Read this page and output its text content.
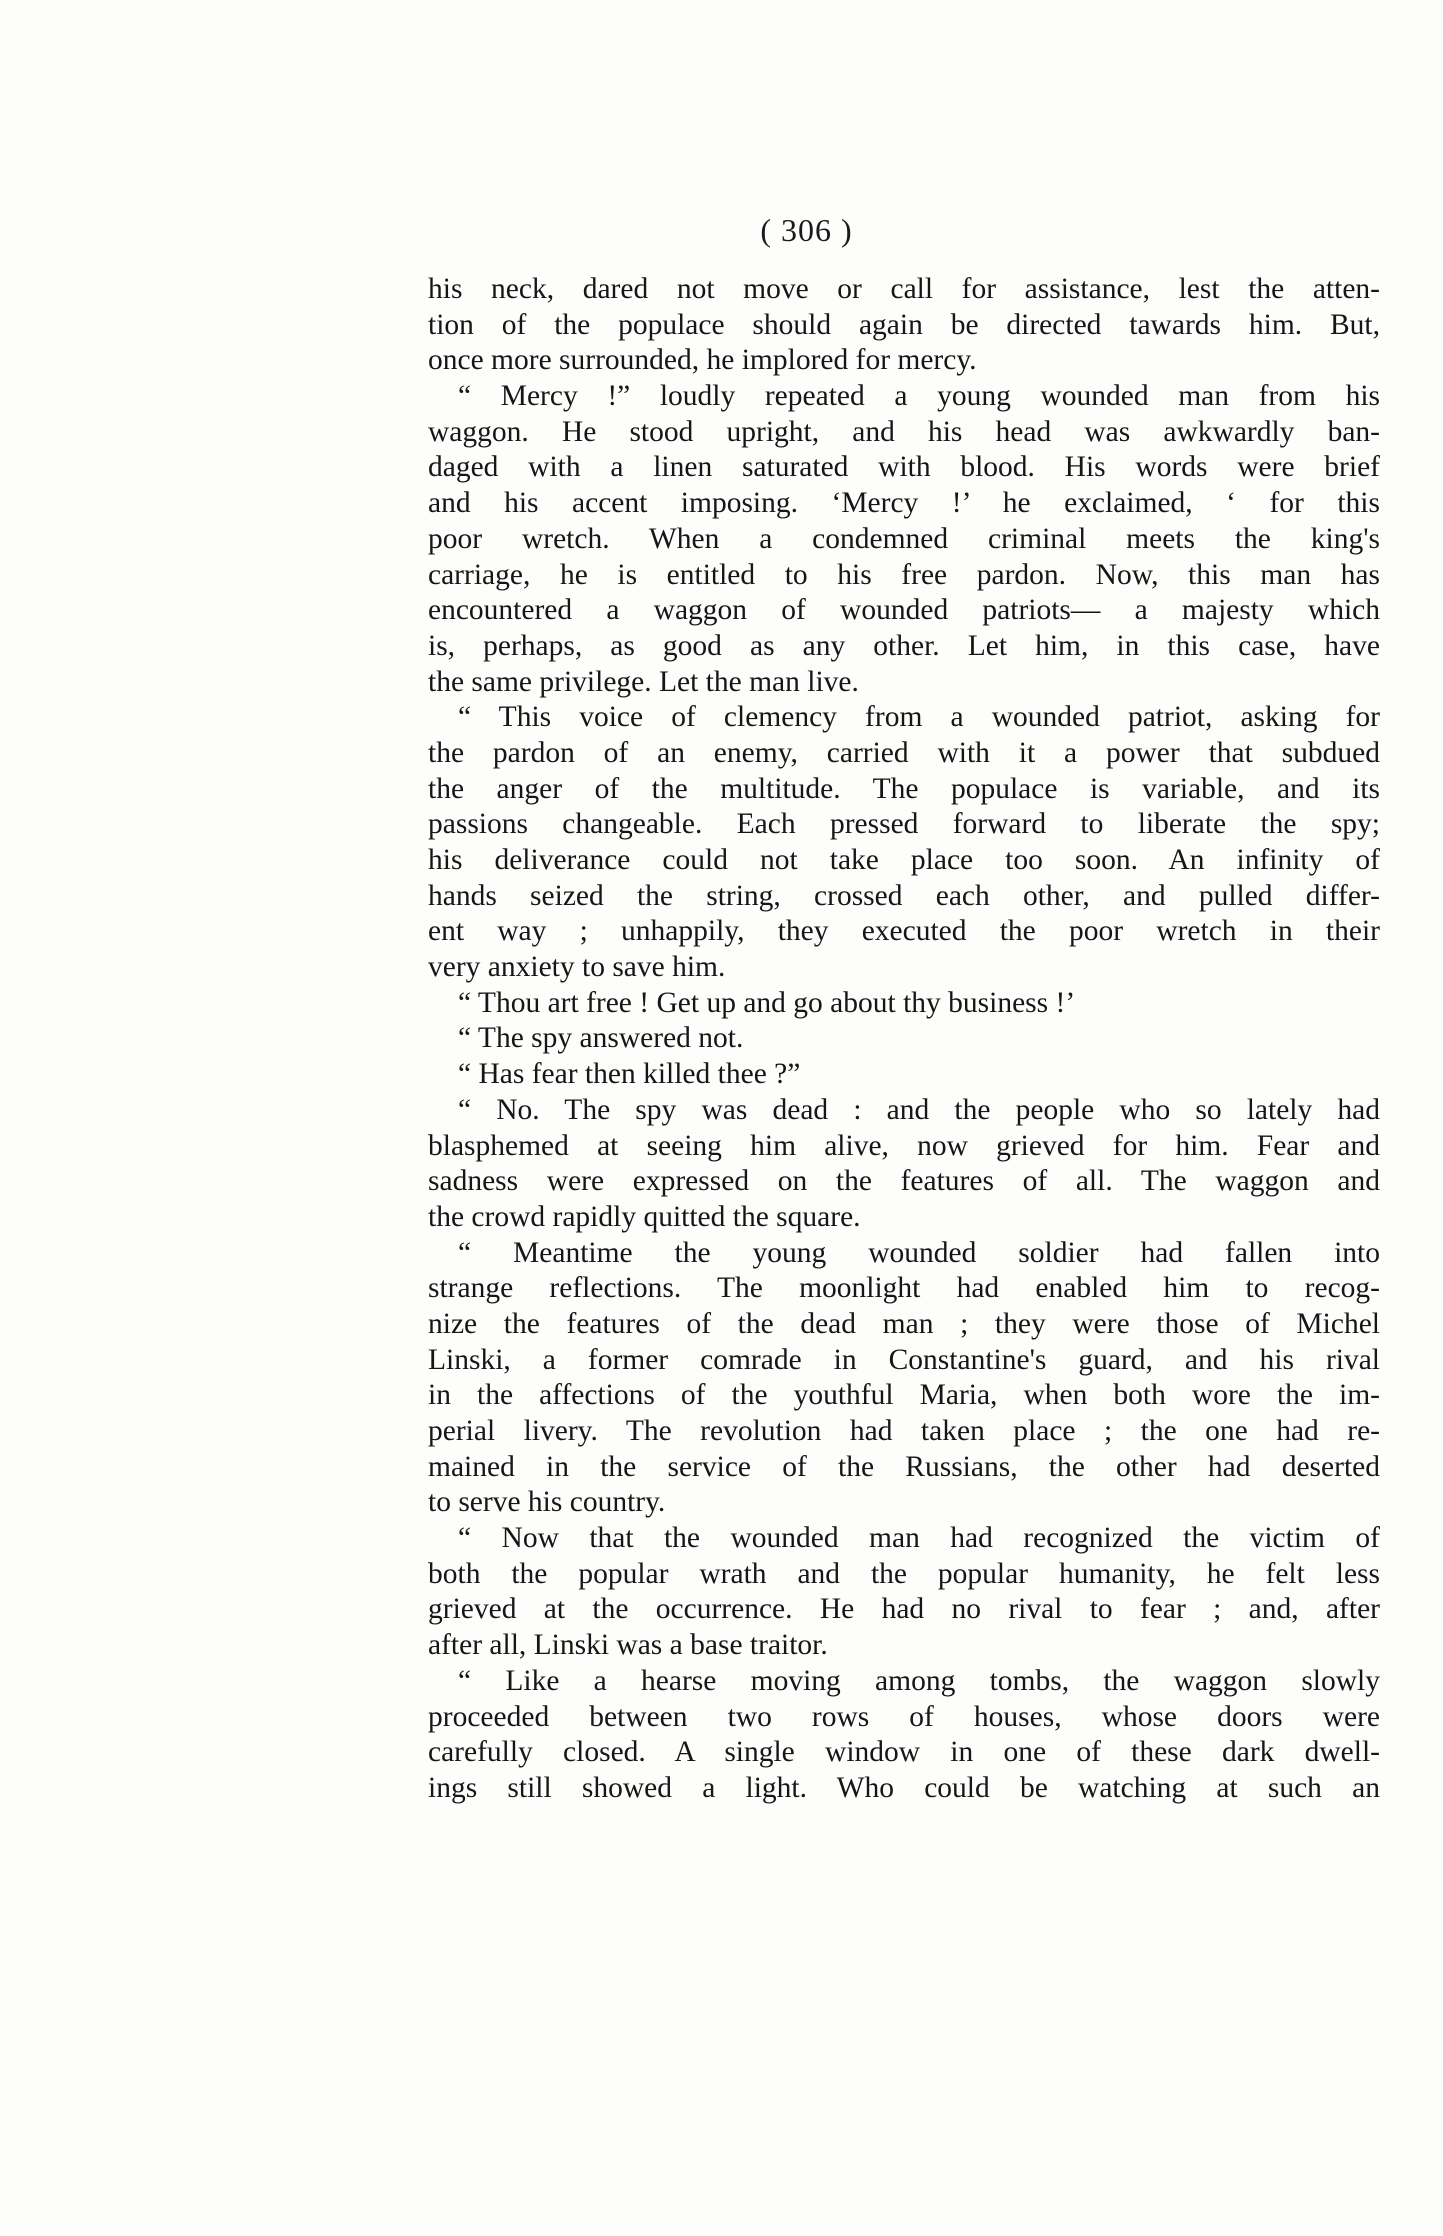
( 306 )
his neck, dared not move or call for assistance, lest the atten-
tion of the populace should again be directed tawards him. But,
once more surrounded, he implored for mercy.
“ Mercy !” loudly repeated a young wounded man from his
waggon. He stood upright, and his head was awkwardly ban-
daged with a linen saturated with blood. His words were brief
and his accent imposing. ‘Mercy !’ he exclaimed, ‘ for this
poor wretch. When a condemned criminal meets the king's
carriage, he is entitled to his free pardon. Now, this man has
encountered a waggon of wounded patriots— a majesty which
is, perhaps, as good as any other. Let him, in this case, have
the same privilege. Let the man live.
“ This voice of clemency from a wounded patriot, asking for
the pardon of an enemy, carried with it a power that subdued
the anger of the multitude. The populace is variable, and its
passions changeable. Each pressed forward to liberate the spy;
his deliverance could not take place too soon. An infinity of
hands seized the string, crossed each other, and pulled differ-
ent way ; unhappily, they executed the poor wretch in their
very anxiety to save him.
“ Thou art free ! Get up and go about thy business !’
“ The spy answered not.
“ Has fear then killed thee ?”
“ No. The spy was dead : and the people who so lately had
blasphemed at seeing him alive, now grieved for him. Fear and
sadness were expressed on the features of all. The waggon and
the crowd rapidly quitted the square.
“ Meantime the young wounded soldier had fallen into
strange reflections. The moonlight had enabled him to recog-
nize the features of the dead man ; they were those of Michel
Linski, a former comrade in Constantine's guard, and his rival
in the affections of the youthful Maria, when both wore the im-
perial livery. The revolution had taken place ; the one had re-
mained in the service of the Russians, the other had deserted
to serve his country.
“ Now that the wounded man had recognized the victim of
both the popular wrath and the popular humanity, he felt less
grieved at the occurrence. He had no rival to fear ; and, after
after all, Linski was a base traitor.
“ Like a hearse moving among tombs, the waggon slowly
proceeded between two rows of houses, whose doors were
carefully closed. A single window in one of these dark dwell-
ings still showed a light. Who could be watching at such an
